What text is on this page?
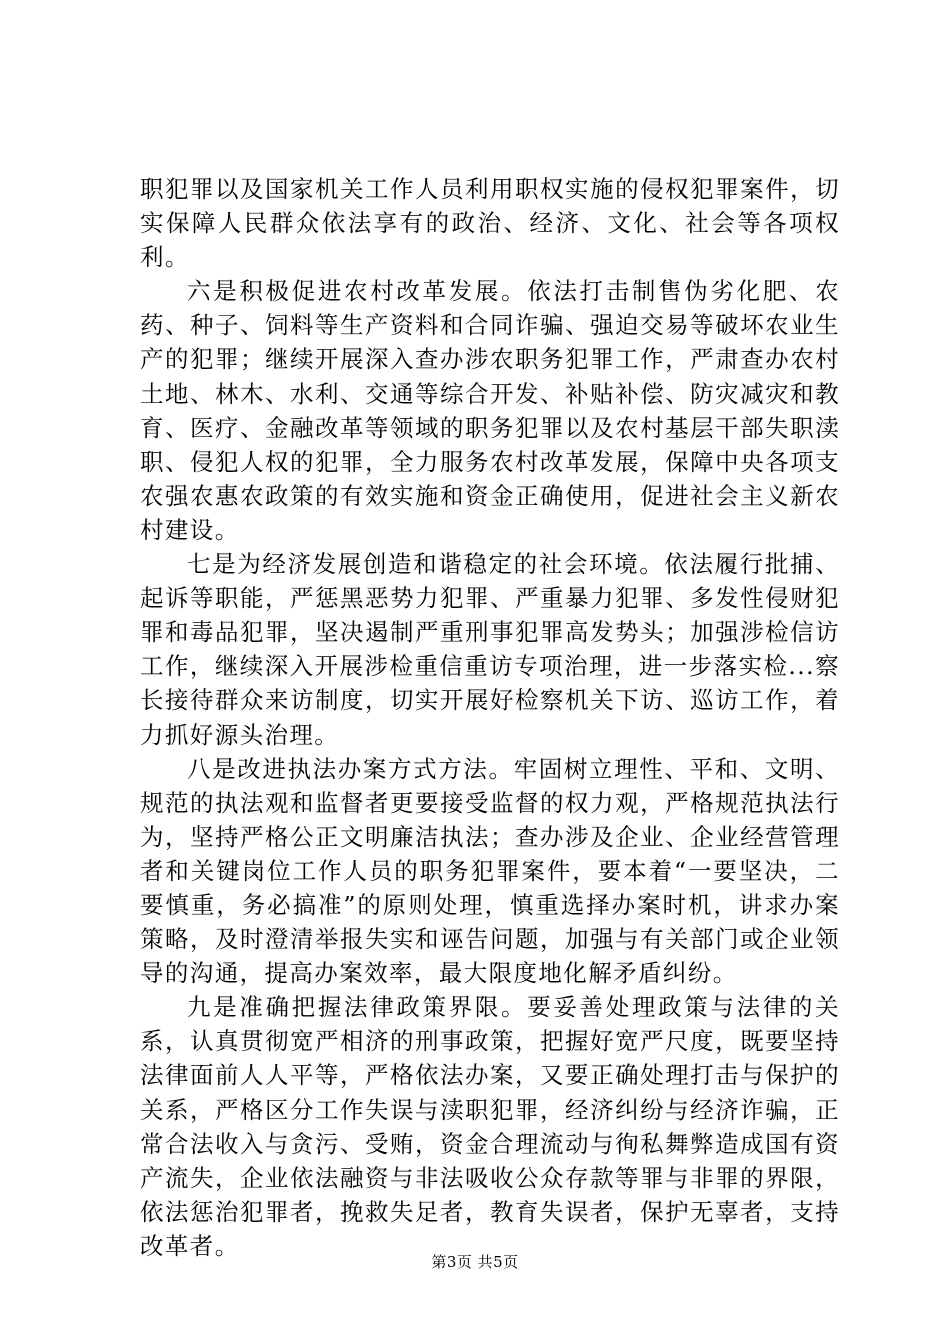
职犯罪以及国家机关工作人员利用职权实施的侵权犯罪案件，切实保障人民群众依法享有的政治、经济、文化、社会等各项权利。

六是积极促进农村改革发展。依法打击制售伪劣化肥、农药、种子、饲料等生产资料和合同诈骗、强迫交易等破坏农业生产的犯罪；继续开展深入查办涉农职务犯罪工作，严肃查办农村土地、林木、水利、交通等综合开发、补贴补偿、防灾减灾和教育、医疗、金融改革等领域的职务犯罪以及农村基层干部失职渎职、侵犯人权的犯罪，全力服务农村改革发展，保障中央各项支农强农惠农政策的有效实施和资金正确使用，促进社会主义新农村建设。

七是为经济发展创造和谐稳定的社会环境。依法履行批捕、起诉等职能，严惩黑恶势力犯罪、严重暴力犯罪、多发性侵财犯罪和毒品犯罪，坚决遏制严重刑事犯罪高发势头；加强涉检信访工作，继续深入开展涉检重信重访专项治理，进一步落实检...察长接待群众来访制度，切实开展好检察机关下访、巡访工作，着力抓好源头治理。

八是改进执法办案方式方法。牢固树立理性、平和、文明、规范的执法观和监督者更要接受监督的权力观，严格规范执法行为，坚持严格公正文明廉洁执法；查办涉及企业、企业经营管理者和关键岗位工作人员的职务犯罪案件，要本着“一要坚决，二要慎重，务必搞准”的原则处理，慎重选择办案时机，讲求办案策略，及时澄清举报失实和诬告问题，加强与有关部门或企业领导的沟通，提高办案效率，最大限度地化解矛盾纠纷。

九是准确把握法律政策界限。要妥善处理政策与法律的关系，认真贯彻宽严相济的刑事政策，把握好宽严尺度，既要坚持法律面前人人平等，严格依法办案，又要正确处理打击与保护的关系，严格区分工作失误与渎职犯罪，经济纠纷与经济诈骗，正常合法收入与贪污、受贿，资金合理流动与徇私舞弊造成国有资产流失，企业依法融资与非法吸收公众存款等罪与非罪的界限，依法惩治犯罪者，挽救失足者，教育失误者，保护无辜者，支持改革者。

第3页 共5页
